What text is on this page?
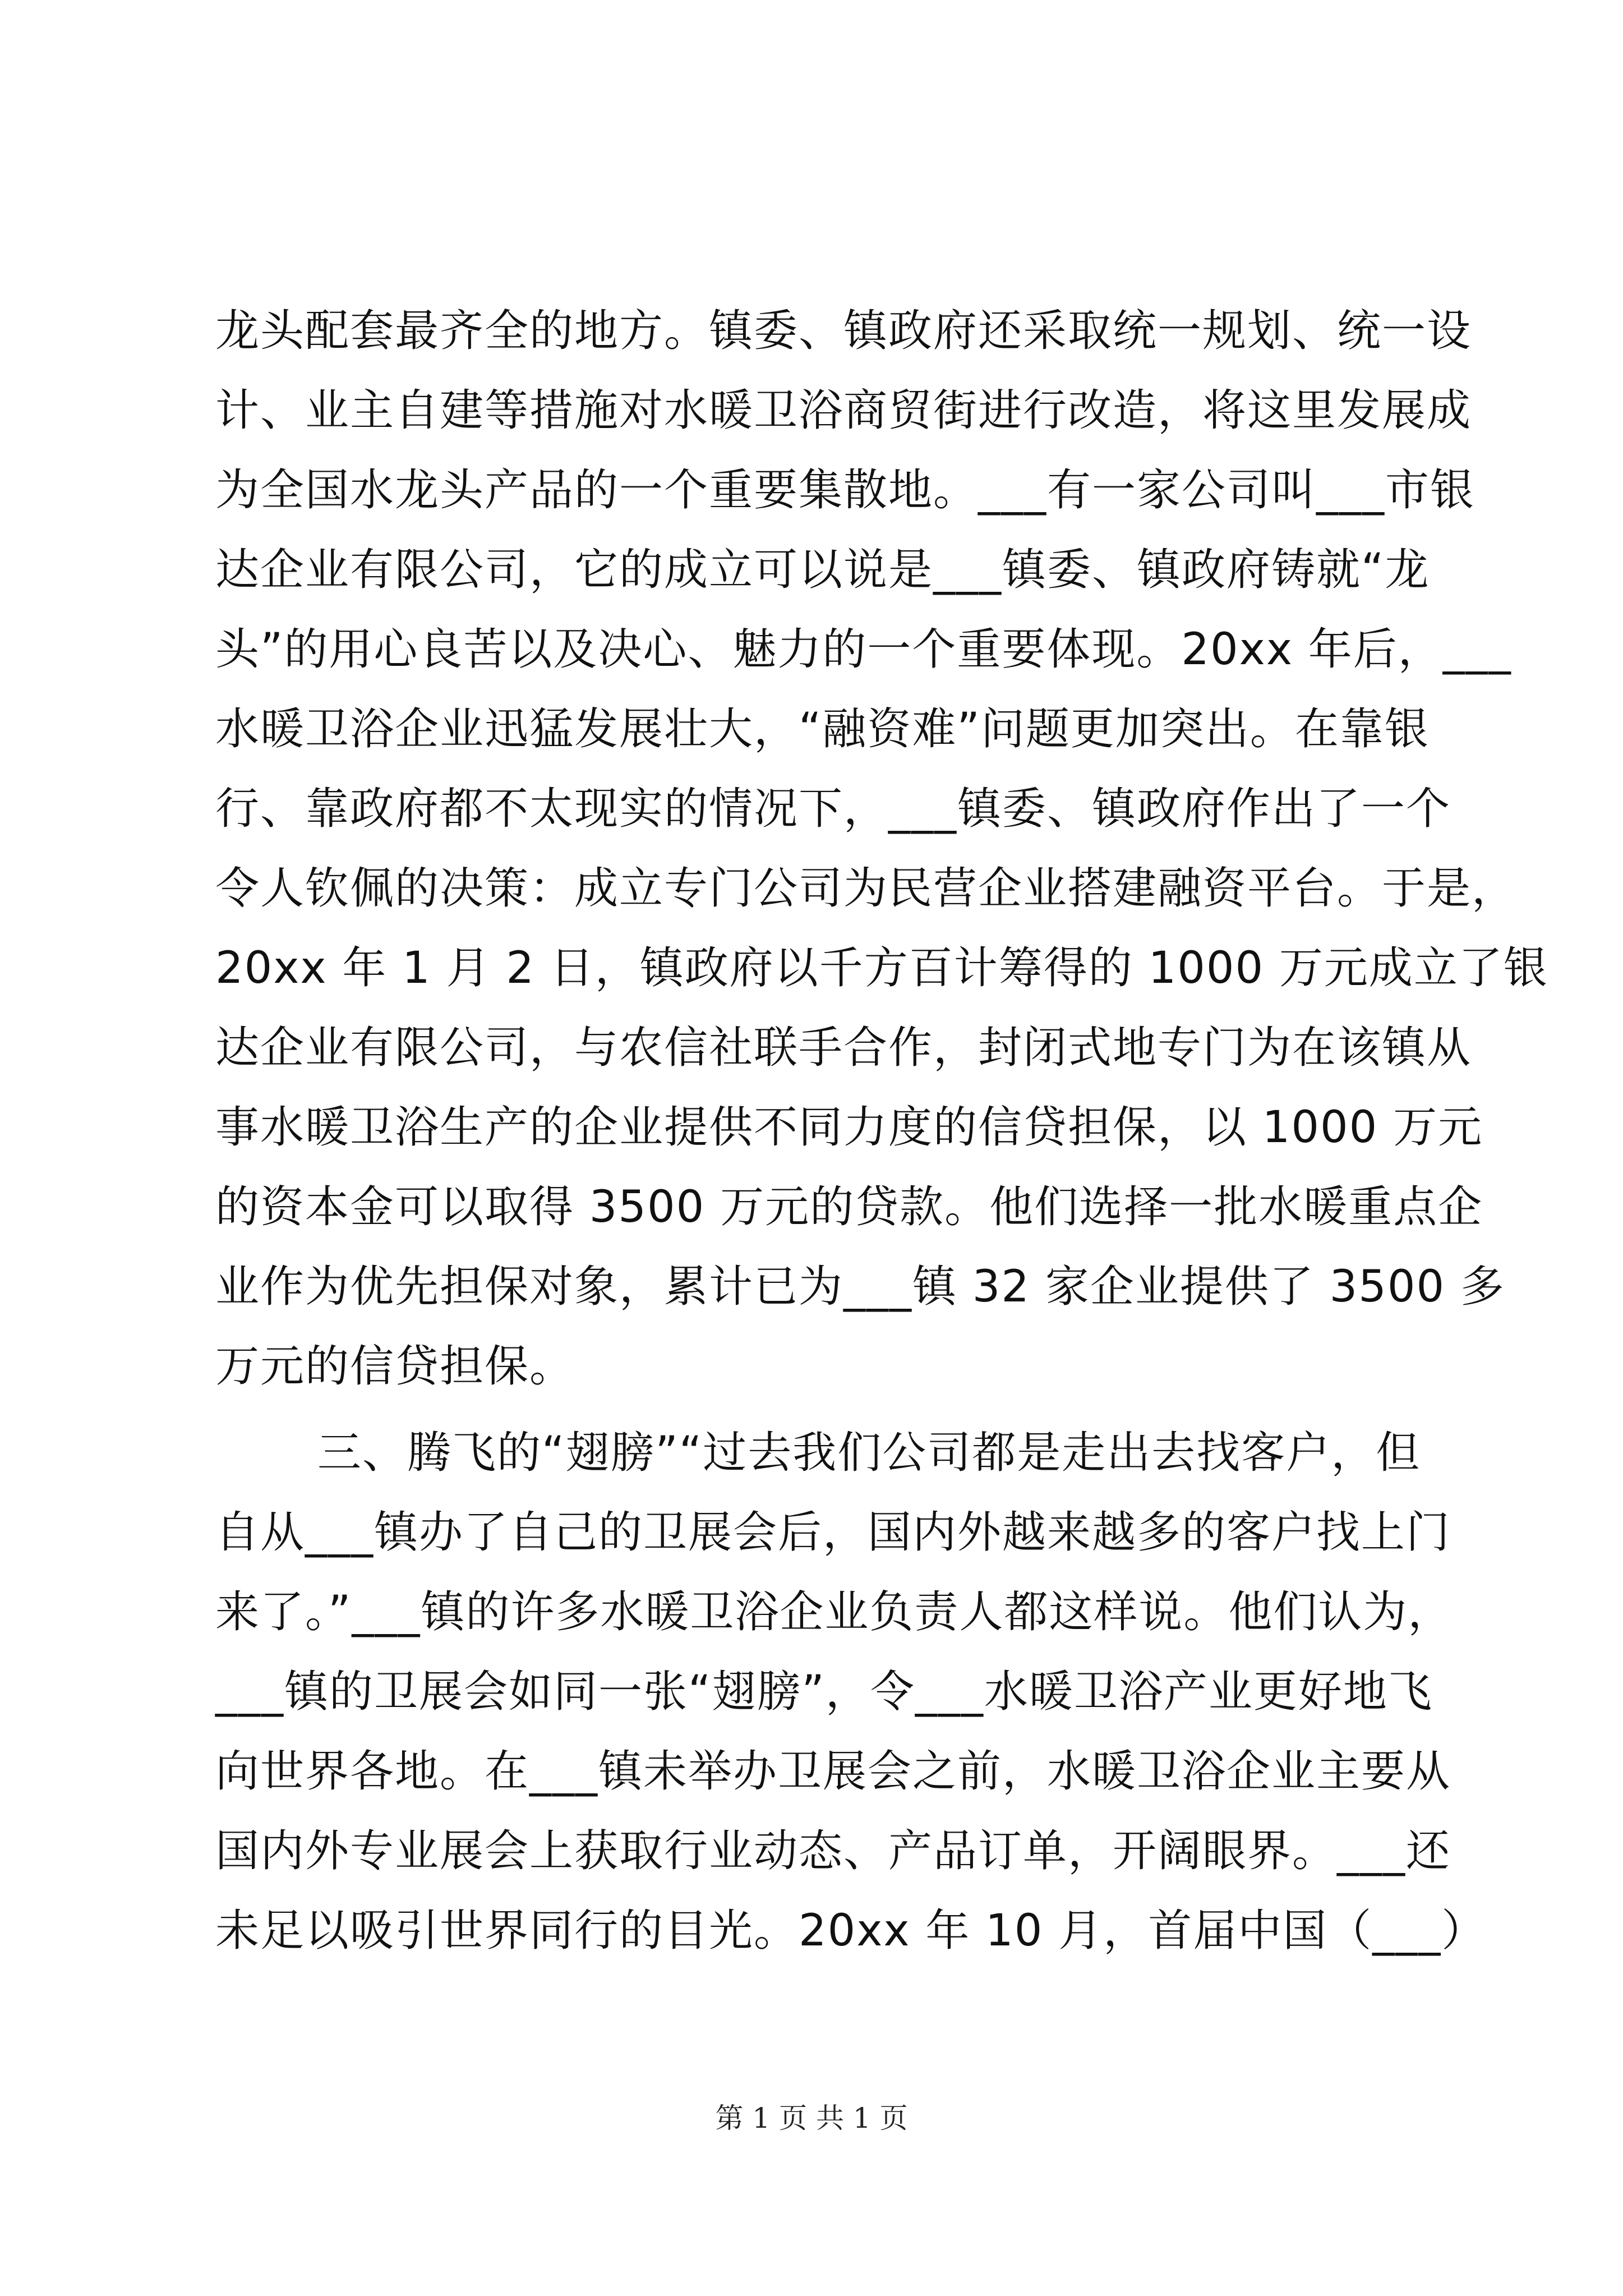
龙头配套最齐全的地方。镇委、镇政府还采取统一规划、统一设
计、业主自建等措施对水暖卫浴商贸街进行改造，将这里发展成
为全国水龙头产品的一个重要集散地。___有一家公司叫___市银
达企业有限公司，它的成立可以说是___镇委、镇政府铸就“龙
头”的用心良苦以及决心、魅力的一个重要体现。20xx 年后，___
水暖卫浴企业迅猛发展壮大，“融资难”问题更加突出。在靠银
行、靠政府都不太现实的情况下，___镇委、镇政府作出了一个
令人钦佩的决策：成立专门公司为民营企业搭建融资平台。于是，
20xx 年 1 月 2 日，镇政府以千方百计筹得的 1000 万元成立了银
达企业有限公司，与农信社联手合作，封闭式地专门为在该镇从
事水暖卫浴生产的企业提供不同力度的信贷担保，以 1000 万元
的资本金可以取得 3500 万元的贷款。他们选择一批水暖重点企
业作为优先担保对象，累计已为___镇 32 家企业提供了 3500 多
万元的信贷担保。
三、腾飞的“翅膀”“过去我们公司都是走出去找客户，但
自从___镇办了自己的卫展会后，国内外越来越多的客户找上门
来了。”___镇的许多水暖卫浴企业负责人都这样说。他们认为，
___镇的卫展会如同一张“翅膀”，令___水暖卫浴产业更好地飞
向世界各地。在___镇未举办卫展会之前，水暖卫浴企业主要从
国内外专业展会上获取行业动态、产品订单，开阔眼界。___还
未足以吸引世界同行的目光。20xx 年 10 月，首届中国（___）
第 1 页 共 1 页
